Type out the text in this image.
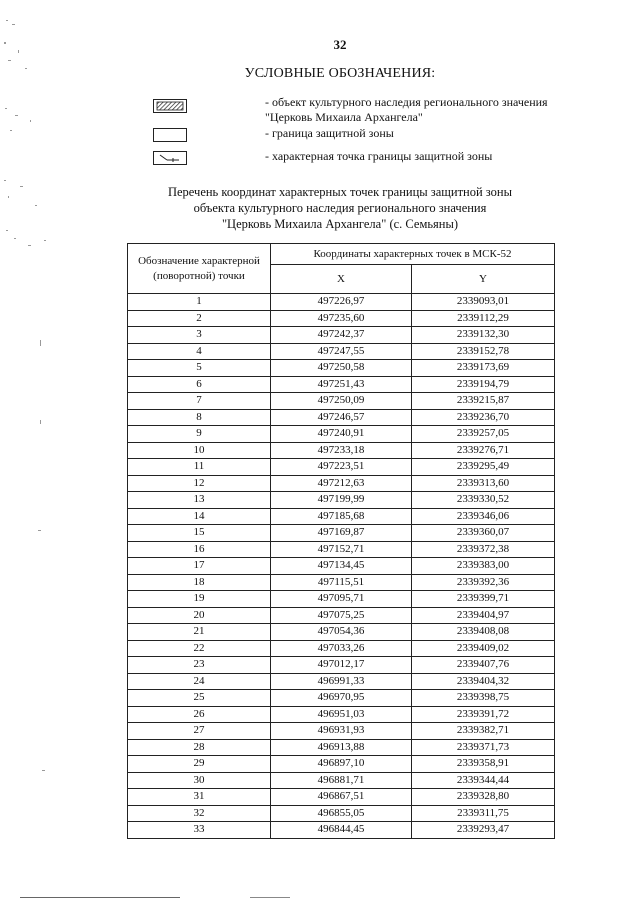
32
УСЛОВНЫЕ ОБОЗНАЧЕНИЯ:
- объект культурного наследия регионального значения "Церковь Михаила Архангела"
- граница защитной зоны
- характерная точка границы защитной зоны
Перечень координат характерных точек границы защитной зоны
объекта культурного наследия регионального значения
"Церковь Михаила Архангела" (с. Семьяны)
Обозначение характерной (поворотной) точки	Координаты характерных точек в МСК-52	
	X	Y
1	497226,97	2339093,01
2	497235,60	2339112,29
3	497242,37	2339132,30
4	497247,55	2339152,78
5	497250,58	2339173,69
6	497251,43	2339194,79
7	497250,09	2339215,87
8	497246,57	2339236,70
9	497240,91	2339257,05
10	497233,18	2339276,71
11	497223,51	2339295,49
12	497212,63	2339313,60
13	497199,99	2339330,52
14	497185,68	2339346,06
15	497169,87	2339360,07
16	497152,71	2339372,38
17	497134,45	2339383,00
18	497115,51	2339392,36
19	497095,71	2339399,71
20	497075,25	2339404,97
21	497054,36	2339408,08
22	497033,26	2339409,02
23	497012,17	2339407,76
24	496991,33	2339404,32
25	496970,95	2339398,75
26	496951,03	2339391,72
27	496931,93	2339382,71
28	496913,88	2339371,73
29	496897,10	2339358,91
30	496881,71	2339344,44
31	496867,51	2339328,80
32	496855,05	2339311,75
33	496844,45	2339293,47
